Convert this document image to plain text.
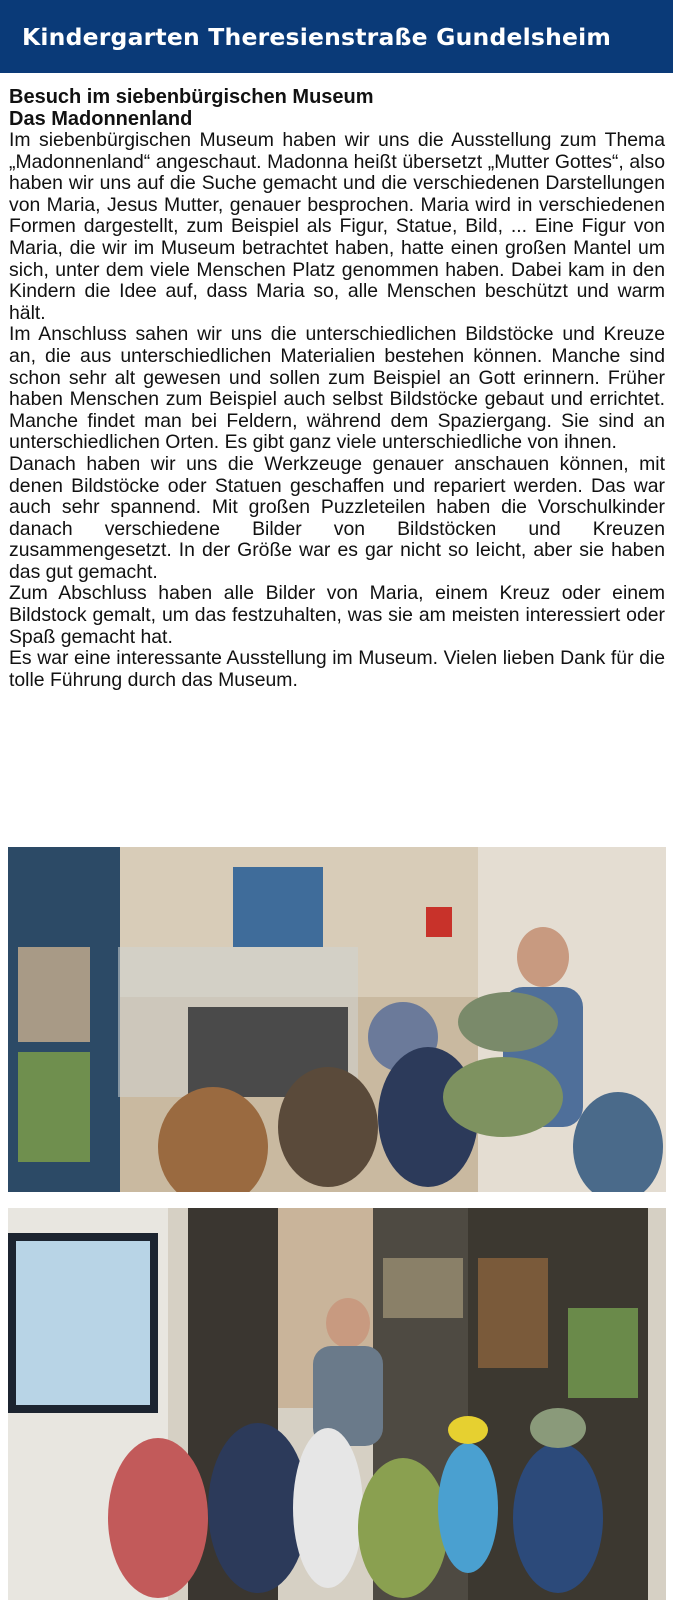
Kindergarten Theresienstraße Gundelsheim
Besuch im siebenbürgischen Museum
Das Madonnenland

Im siebenbürgischen Museum haben wir uns die Ausstellung zum Thema „Madonnenland“ angeschaut. Madonna heißt übersetzt „Mutter Gottes“, also haben wir uns auf die Suche gemacht und die verschiedenen Darstellungen von Maria, Jesus Mutter, genauer besprochen. Maria wird in verschiedenen Formen dargestellt, zum Beispiel als Figur, Statue, Bild, ... Eine Figur von Maria, die wir im Museum betrachtet haben, hatte einen großen Mantel um sich, unter dem viele Menschen Platz genommen haben. Dabei kam in den Kindern die Idee auf, dass Maria so, alle Menschen beschützt und warm hält.

Im Anschluss sahen wir uns die unterschiedlichen Bildstöcke und Kreuze an, die aus unterschiedlichen Materialien bestehen können. Manche sind schon sehr alt gewesen und sollen zum Beispiel an Gott erinnern. Früher haben Menschen zum Beispiel auch selbst Bildstöcke gebaut und errichtet. Manche findet man bei Feldern, während dem Spaziergang. Sie sind an unterschiedlichen Orten. Es gibt ganz viele unterschiedliche von ihnen.

Danach haben wir uns die Werkzeuge genauer anschauen können, mit denen Bildstöcke oder Statuen geschaffen und repariert werden. Das war auch sehr spannend. Mit großen Puzzleteilen haben die Vorschulkinder danach verschiedene Bilder von Bildstöcken und Kreuzen zusammengesetzt. In der Größe war es gar nicht so leicht, aber sie haben das gut gemacht.

Zum Abschluss haben alle Bilder von Maria, einem Kreuz oder einem Bildstock gemalt, um das festzuhalten, was sie am meisten interessiert oder Spaß gemacht hat.

Es war eine interessante Ausstellung im Museum. Vielen lieben Dank für die tolle Führung durch das Museum.
